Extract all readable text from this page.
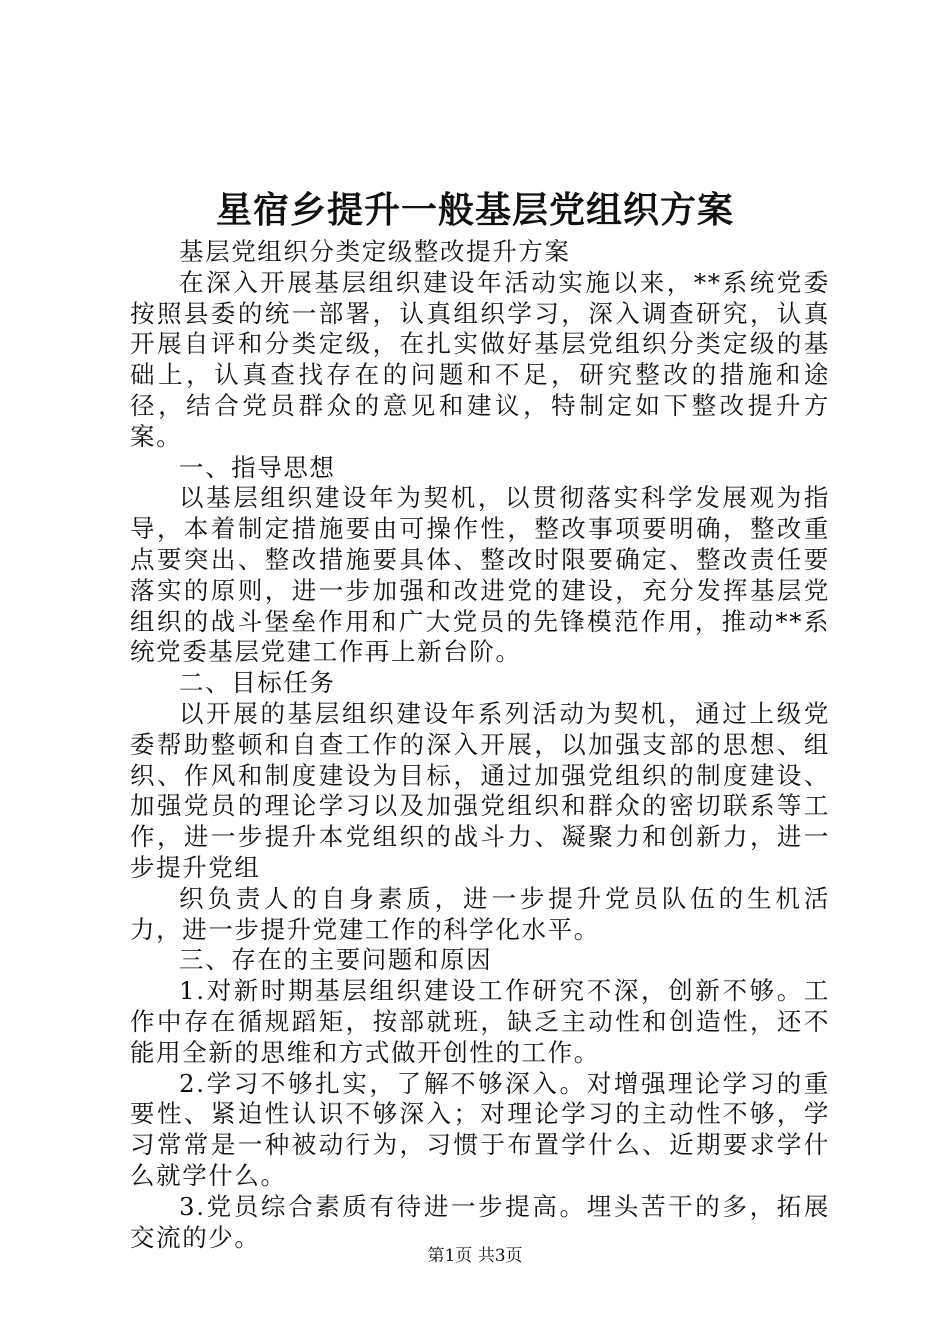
星宿乡提升一般基层党组织方案

基层党组织分类定级整改提升方案

在深入开展基层组织建设年活动实施以来，**系统党委按照县委的统一部署，认真组织学习，深入调查研究，认真开展自评和分类定级，在扎实做好基层党组织分类定级的基础上，认真查找存在的问题和不足，研究整改的措施和途径，结合党员群众的意见和建议，特制定如下整改提升方案。

一、指导思想

以基层组织建设年为契机，以贯彻落实科学发展观为指导，本着制定措施要由可操作性，整改事项要明确，整改重点要突出、整改措施要具体、整改时限要确定、整改责任要落实的原则，进一步加强和改进党的建设，充分发挥基层党组织的战斗堡垒作用和广大党员的先锋模范作用，推动**系统党委基层党建工作再上新台阶。

二、目标任务

以开展的基层组织建设年系列活动为契机，通过上级党委帮助整顿和自查工作的深入开展，以加强支部的思想、组织、作风和制度建设为目标，通过加强党组织的制度建设、加强党员的理论学习以及加强党组织和群众的密切联系等工作，进一步提升本党组织的战斗力、凝聚力和创新力，进一步提升党组

织负责人的自身素质，进一步提升党员队伍的生机活力，进一步提升党建工作的科学化水平。

三、存在的主要问题和原因

1.对新时期基层组织建设工作研究不深，创新不够。工作中存在循规蹈矩，按部就班，缺乏主动性和创造性，还不能用全新的思维和方式做开创性的工作。

2.学习不够扎实，了解不够深入。对增强理论学习的重要性、紧迫性认识不够深入；对理论学习的主动性不够，学习常常是一种被动行为，习惯于布置学什么、近期要求学什么就学什么。

3.党员综合素质有待进一步提高。埋头苦干的多，拓展交流的少。

第1页 共3页
